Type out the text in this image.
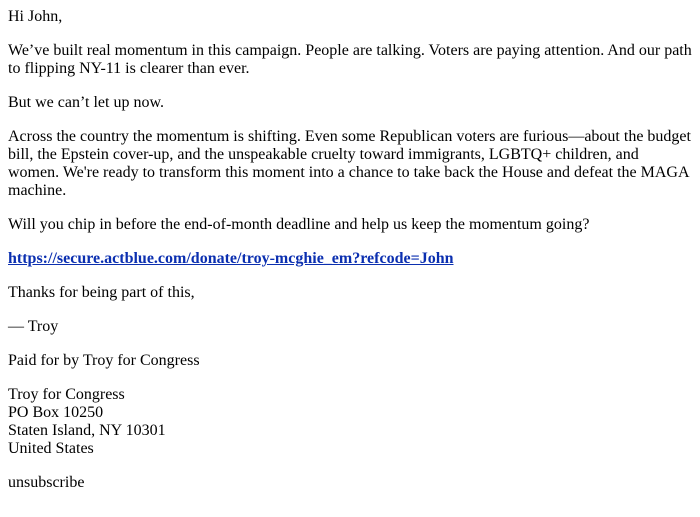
Hi John,

We’ve built real momentum in this campaign. People are talking. Voters are paying attention. And our path to flipping NY-11 is clearer than ever.

But we can’t let up now.

Across the country the momentum is shifting. Even some Republican voters are furious—about the budget bill, the Epstein cover-up, and the unspeakable cruelty toward immigrants, LGBTQ+ children, and women. We're ready to transform this moment into a chance to take back the House and defeat the MAGA machine.

Will you chip in before the end-of-month deadline and help us keep the momentum going?

https://secure.actblue.com/donate/troy-mcghie_em?refcode=John

Thanks for being part of this,

— Troy

Paid for by Troy for Congress

Troy for Congress
PO Box 10250
Staten Island, NY 10301
United States

unsubscribe
